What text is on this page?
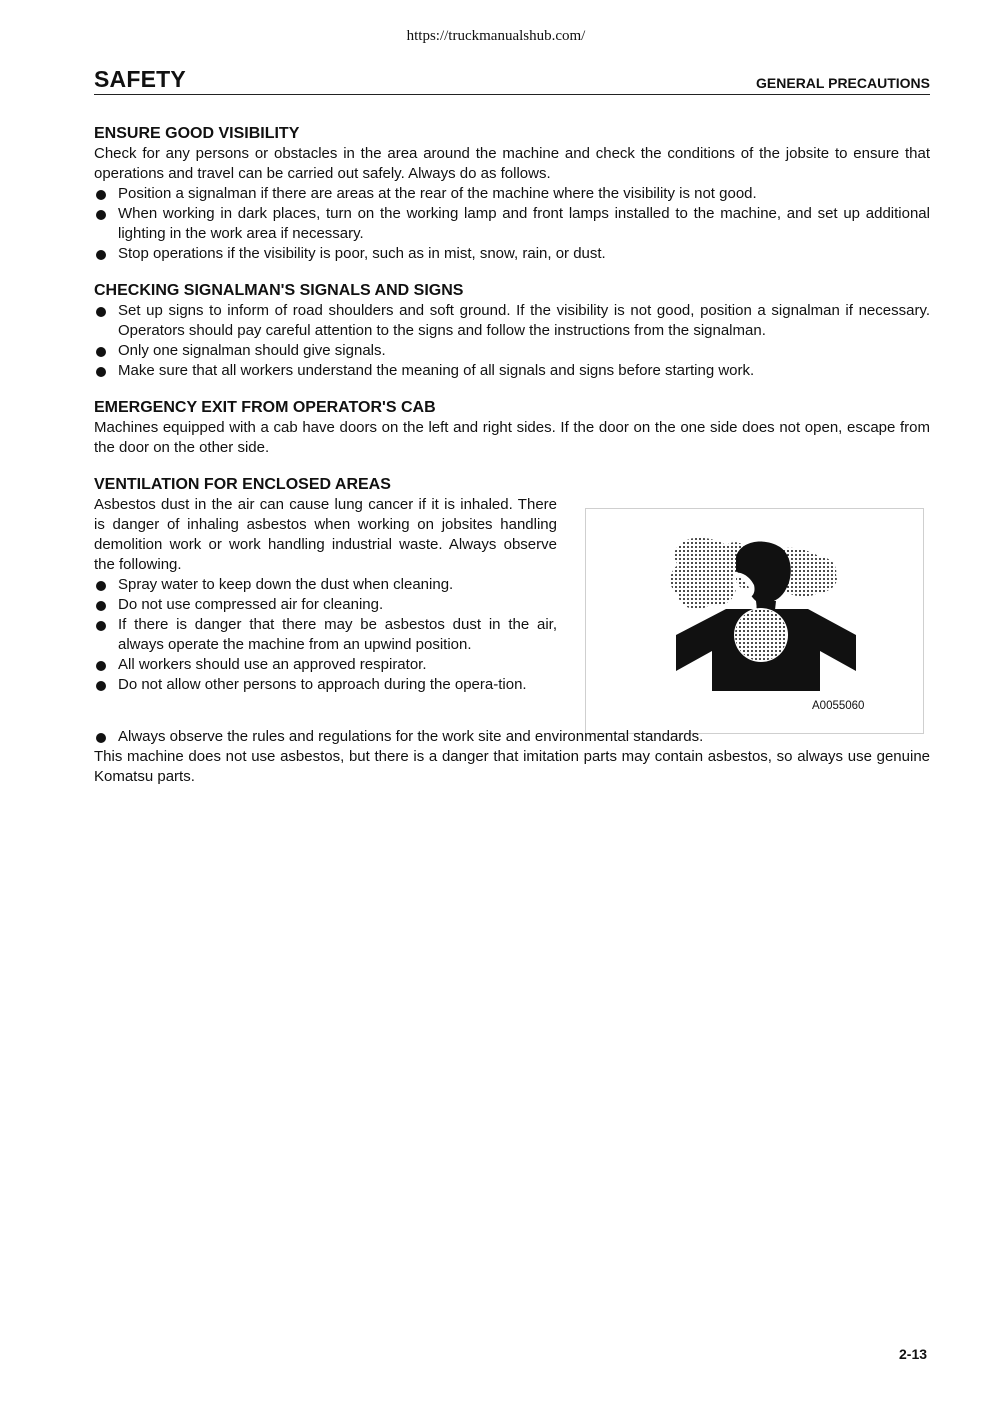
https://truckmanualshub.com/
SAFETY	GENERAL PRECAUTIONS
ENSURE GOOD VISIBILITY

Check for any persons or obstacles in the area around the machine and check the conditions of the jobsite to ensure that operations and travel can be carried out safely. Always do as follows.

Position a signalman if there are areas at the rear of the machine where the visibility is not good.
When working in dark places, turn on the working lamp and front lamps installed to the machine, and set up additional lighting in the work area if necessary.
Stop operations if the visibility is poor, such as in mist, snow, rain, or dust.
CHECKING SIGNALMAN'S SIGNALS AND SIGNS
Set up signs to inform of road shoulders and soft ground. If the visibility is not good, position a signalman if necessary. Operators should pay careful attention to the signs and follow the instructions from the signalman.
Only one signalman should give signals.
Make sure that all workers understand the meaning of all signals and signs before starting work.
EMERGENCY EXIT FROM OPERATOR'S CAB

Machines equipped with a cab have doors on the left and right sides. If the door on the one side does not open, escape from the door on the other side.

VENTILATION FOR ENCLOSED AREAS

Asbestos dust in the air can cause lung cancer if it is inhaled. There is danger of inhaling asbestos when working on jobsites handling demolition work or work handling industrial waste. Always observe the following.

Spray water to keep down the dust when cleaning.
Do not use compressed air for cleaning.
If there is danger that there may be asbestos dust in the air, always operate the machine from an upwind position.
All workers should use an approved respirator.
Do not allow other persons to approach during the opera-tion.
A0055060
Always observe the rules and regulations for the work site and environmental standards.

This machine does not use asbestos, but there is a danger that imitation parts may contain asbestos, so always use genuine Komatsu parts.

2-13
